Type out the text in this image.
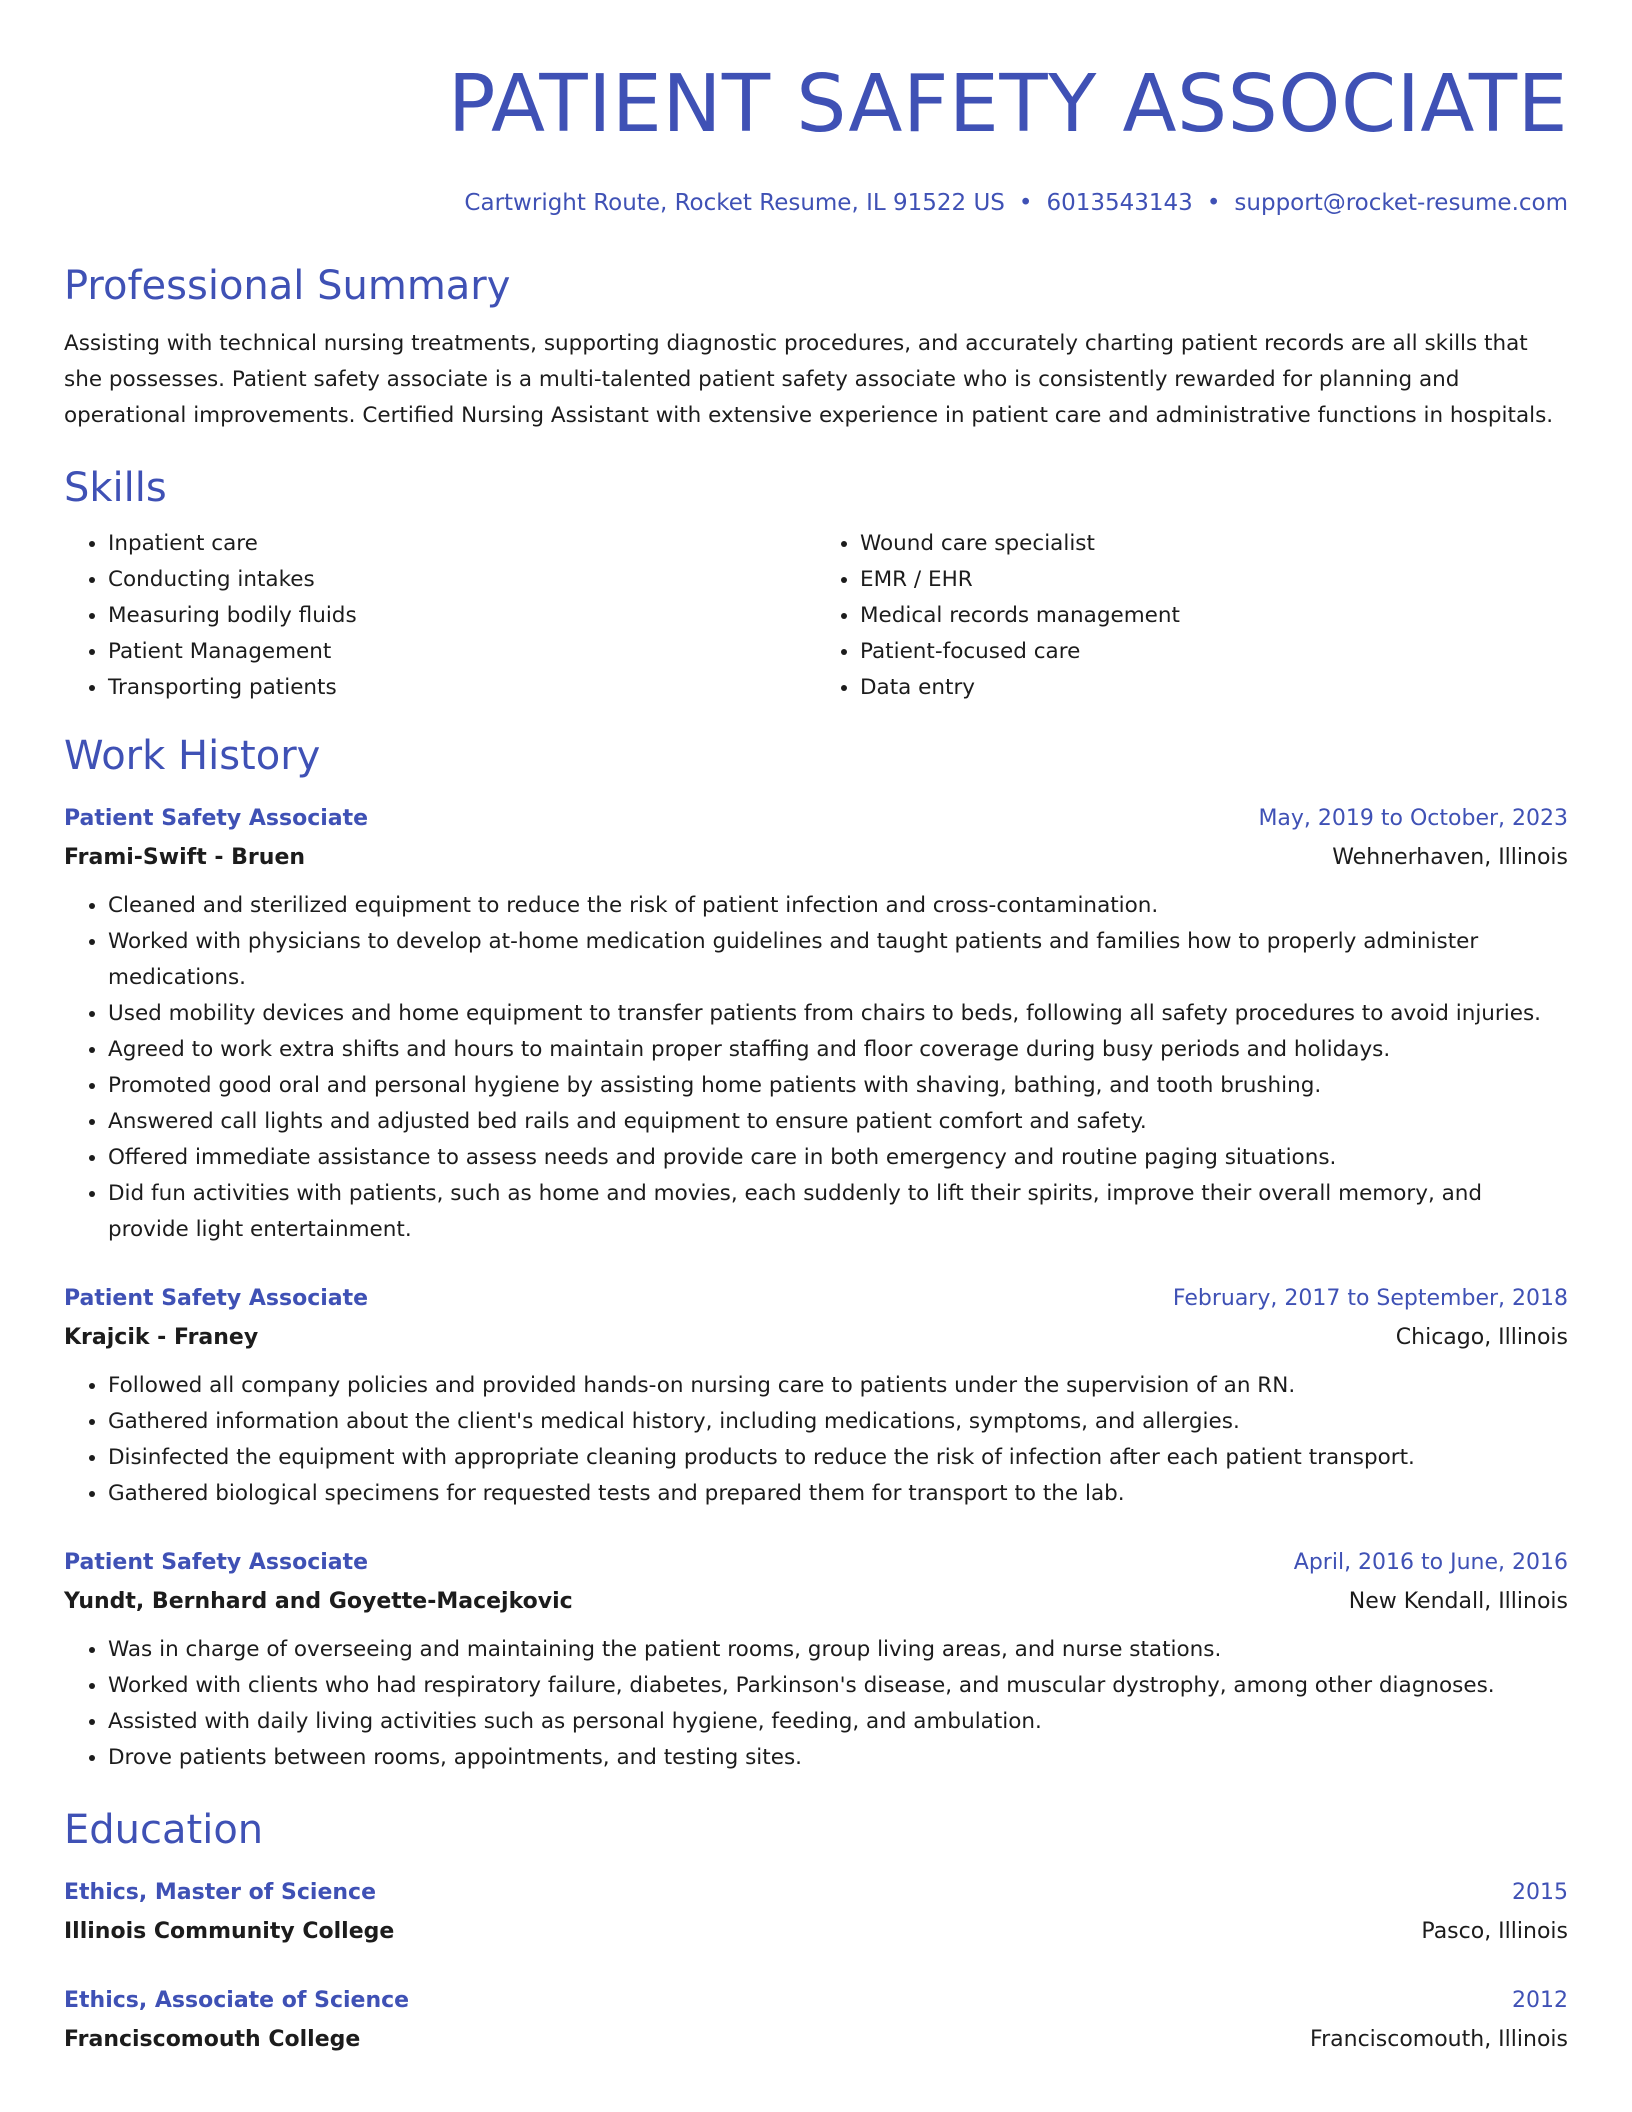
PATIENT SAFETY ASSOCIATE
Cartwright Route, Rocket Resume, IL 91522 US • 6013543143 • support@rocket-resume.com
Professional Summary

Assisting with technical nursing treatments, supporting diagnostic procedures, and accurately charting patient records are all skills that she possesses. Patient safety associate is a multi-talented patient safety associate who is consistently rewarded for planning and operational improvements. Certified Nursing Assistant with extensive experience in patient care and administrative functions in hospitals.

Skills
• Inpatient care
• Conducting intakes
• Measuring bodily fluids
• Patient Management
• Transporting patients
• Wound care specialist
• EMR / EHR
• Medical records management
• Patient-focused care
• Data entry
Work History
Patient Safety Associate	May, 2019 to October, 2023
Frami-Swift - Bruen	Wehnerhaven, Illinois
• Cleaned and sterilized equipment to reduce the risk of patient infection and cross-contamination.
• Worked with physicians to develop at-home medication guidelines and taught patients and families how to properly administer medications.
• Used mobility devices and home equipment to transfer patients from chairs to beds, following all safety procedures to avoid injuries.
• Agreed to work extra shifts and hours to maintain proper staffing and floor coverage during busy periods and holidays.
• Promoted good oral and personal hygiene by assisting home patients with shaving, bathing, and tooth brushing.
• Answered call lights and adjusted bed rails and equipment to ensure patient comfort and safety.
• Offered immediate assistance to assess needs and provide care in both emergency and routine paging situations.
• Did fun activities with patients, such as home and movies, each suddenly to lift their spirits, improve their overall memory, and provide light entertainment.
Patient Safety Associate	February, 2017 to September, 2018
Krajcik - Franey	Chicago, Illinois
• Followed all company policies and provided hands-on nursing care to patients under the supervision of an RN.
• Gathered information about the client's medical history, including medications, symptoms, and allergies.
• Disinfected the equipment with appropriate cleaning products to reduce the risk of infection after each patient transport.
• Gathered biological specimens for requested tests and prepared them for transport to the lab.
Patient Safety Associate	April, 2016 to June, 2016
Yundt, Bernhard and Goyette-Macejkovic	New Kendall, Illinois
• Was in charge of overseeing and maintaining the patient rooms, group living areas, and nurse stations.
• Worked with clients who had respiratory failure, diabetes, Parkinson's disease, and muscular dystrophy, among other diagnoses.
• Assisted with daily living activities such as personal hygiene, feeding, and ambulation.
• Drove patients between rooms, appointments, and testing sites.
Education
Ethics, Master of Science	2015
Illinois Community College	Pasco, Illinois
Ethics, Associate of Science	2012
Franciscomouth College	Franciscomouth, Illinois
